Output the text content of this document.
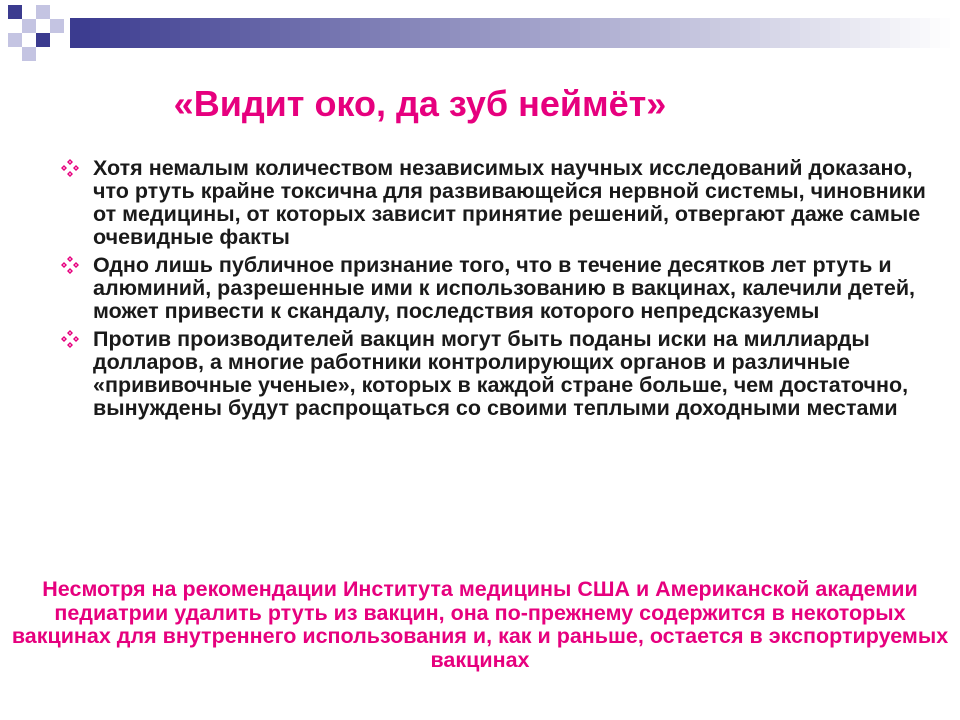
«Видит око, да зуб неймёт»
Хотя немалым количеством независимых научных исследований доказано, что ртуть крайне токсична для развивающейся нервной системы, чиновники от медицины, от которых зависит принятие решений, отвергают даже самые очевидные факты
Одно лишь публичное признание того, что в течение десятков лет ртуть и алюминий, разрешенные ими к использованию в вакцинах, калечили детей, может привести к скандалу, последствия которого непредсказуемы
Против производителей вакцин могут быть поданы иски на миллиарды долларов, а многие работники контролирующих органов и различные «прививочные ученые», которых в каждой стране больше, чем достаточно, вынуждены будут распрощаться со своими теплыми доходными местами
Несмотря на рекомендации Института медицины США и Американской академии педиатрии удалить ртуть из вакцин, она по-прежнему содержится в некоторых вакцинах для внутреннего использования и, как и раньше, остается в экспортируемых вакцинах
